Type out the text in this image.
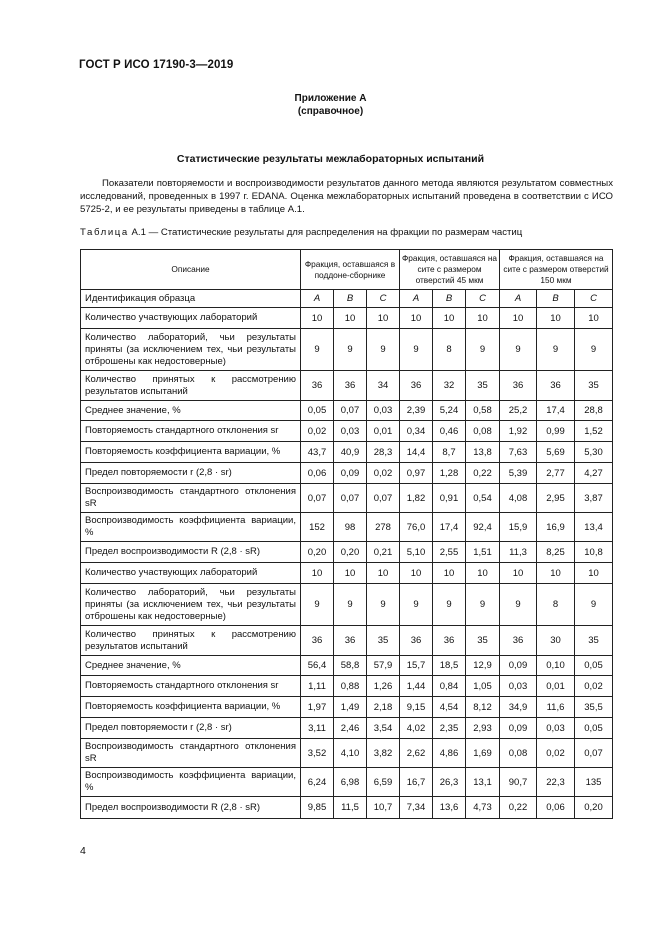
ГОСТ Р ИСО 17190-3—2019
Приложение А
(справочное)
Статистические результаты межлабораторных испытаний

Показатели повторяемости и воспроизводимости результатов данного метода являются результатом совместных исследований, проведенных в 1997 г. EDANA. Оценка межлабораторных испытаний проведена в соответствии с ИСО 5725-2, и ее результаты приведены в таблице А.1.

Таблица А.1 — Статистические результаты для распределения на фракции по размерам частиц
Описание	Фракция, оставшаяся в поддоне-сборнике			Фракция, оставшаяся на сите с размером отверстий 45 мкм			Фракция, оставшаяся на сите с размером отверстий 150 мкм		
Идентификация образца	A	B	C	A	B	C	A	B	C
Количество участвующих лабораторий	10	10	10	10	10	10	10	10	10
Количество лабораторий, чьи результаты приняты (за исключением тех, чьи результаты отброшены как недостоверные)	9	9	9	9	8	9	9	9	9
Количество принятых к рассмотрению результатов испытаний	36	36	34	36	32	35	36	36	35
Среднее значение, %	0,05	0,07	0,03	2,39	5,24	0,58	25,2	17,4	28,8
Повторяемость стандартного отклонения sr	0,02	0,03	0,01	0,34	0,46	0,08	1,92	0,99	1,52
Повторяемость коэффициента вариации, %	43,7	40,9	28,3	14,4	8,7	13,8	7,63	5,69	5,30
Предел повторяемости r (2,8 · sr)	0,06	0,09	0,02	0,97	1,28	0,22	5,39	2,77	4,27
Воспроизводимость стандартного отклонения sR	0,07	0,07	0,07	1,82	0,91	0,54	4,08	2,95	3,87
Воспроизводимость коэффициента вариации, %	152	98	278	76,0	17,4	92,4	15,9	16,9	13,4
Предел воспроизводимости R (2,8 · sR)	0,20	0,20	0,21	5,10	2,55	1,51	11,3	8,25	10,8
Количество участвующих лабораторий	10	10	10	10	10	10	10	10	10
Количество лабораторий, чьи результаты приняты (за исключением тех, чьи результаты отброшены как недостоверные)	9	9	9	9	9	9	9	8	9
Количество принятых к рассмотрению результатов испытаний	36	36	35	36	36	35	36	30	35
Среднее значение, %	56,4	58,8	57,9	15,7	18,5	12,9	0,09	0,10	0,05
Повторяемость стандартного отклонения sr	1,11	0,88	1,26	1,44	0,84	1,05	0,03	0,01	0,02
Повторяемость коэффициента вариации, %	1,97	1,49	2,18	9,15	4,54	8,12	34,9	11,6	35,5
Предел повторяемости r (2,8 · sr)	3,11	2,46	3,54	4,02	2,35	2,93	0,09	0,03	0,05
Воспроизводимость стандартного отклонения sR	3,52	4,10	3,82	2,62	4,86	1,69	0,08	0,02	0,07
Воспроизводимость коэффициента вариации, %	6,24	6,98	6,59	16,7	26,3	13,1	90,7	22,3	135
Предел воспроизводимости R (2,8 · sR)	9,85	11,5	10,7	7,34	13,6	4,73	0,22	0,06	0,20
4
